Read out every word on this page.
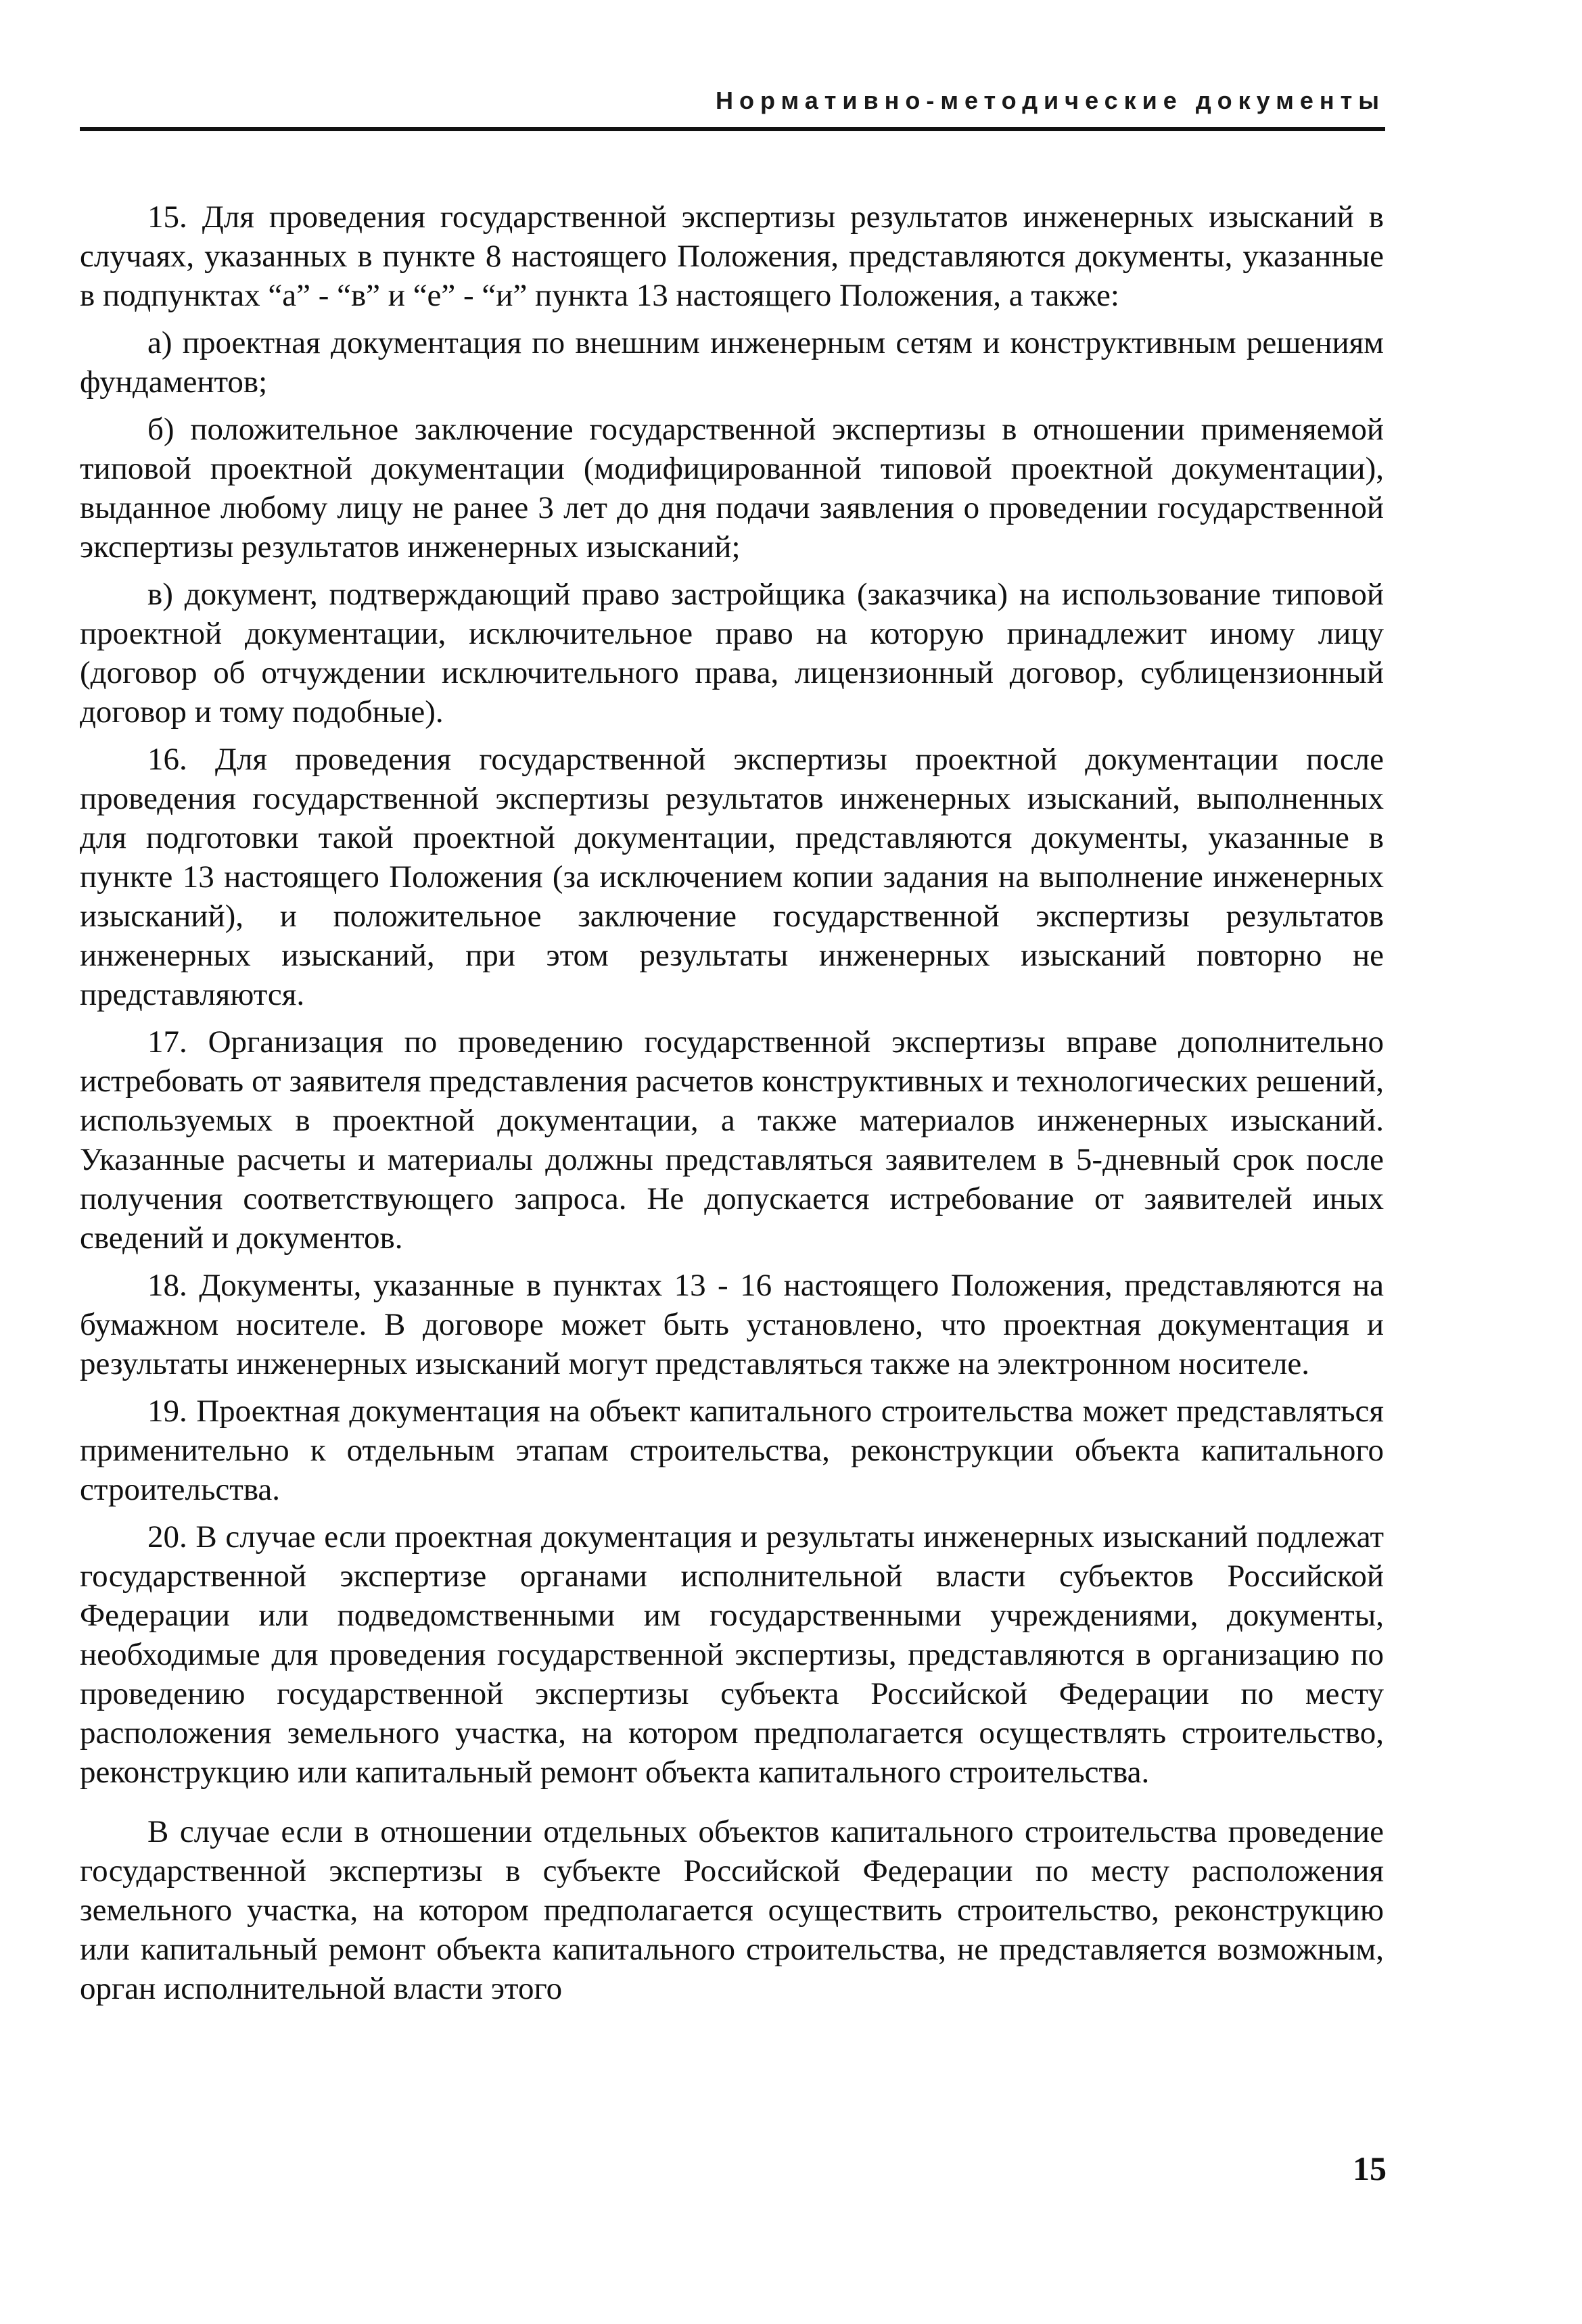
Нормативно-методические документы

15. Для проведения государственной экспертизы результатов инженерных изысканий в случаях, указанных в пункте 8 настоящего Положения, представляются документы, указанные в подпунктах “а” - “в” и “е” - “и” пункта 13 настоящего Положения, а также:

а) проектная документация по внешним инженерным сетям и конструктивным решениям фундаментов;

б) положительное заключение государственной экспертизы в отношении применяемой типовой проектной документации (модифицированной типовой проектной документации), выданное любому лицу не ранее 3 лет до дня подачи заявления о проведении государственной экспертизы результатов инженерных изысканий;

в) документ, подтверждающий право застройщика (заказчика) на использование типовой проектной документации, исключительное право на которую принадлежит иному лицу (договор об отчуждении исключительного права, лицензионный договор, сублицензионный договор и тому подобные).

16. Для проведения государственной экспертизы проектной документации после проведения государственной экспертизы результатов инженерных изысканий, выполненных для подготовки такой проектной документации, представляются документы, указанные в пункте 13 настоящего Положения (за исключением копии задания на выполнение инженерных изысканий), и положительное заключение государственной экспертизы результатов инженерных изысканий, при этом результаты инженерных изысканий повторно не представляются.

17. Организация по проведению государственной экспертизы вправе дополнительно истребовать от заявителя представления расчетов конструктивных и технологических решений, используемых в проектной документации, а также материалов инженерных изысканий. Указанные расчеты и материалы должны представляться заявителем в 5-дневный срок после получения соответствующего запроса. Не допускается истребование от заявителей иных сведений и документов.

18. Документы, указанные в пунктах 13 - 16 настоящего Положения, представляются на бумажном носителе. В договоре может быть установлено, что проектная документация и результаты инженерных изысканий могут представляться также на электронном носителе.

19. Проектная документация на объект капитального строительства может представляться применительно к отдельным этапам строительства, реконструкции объекта капитального строительства.

20. В случае если проектная документация и результаты инженерных изысканий подлежат государственной экспертизе органами исполнительной власти субъектов Российской Федерации или подведомственными им государственными учреждениями, документы, необходимые для проведения государственной экспертизы, представляются в организацию по проведению государственной экспертизы субъекта Российской Федерации по месту расположения земельного участка, на котором предполагается осуществлять строительство, реконструкцию или капитальный ремонт объекта капитального строительства.

В случае если в отношении отдельных объектов капитального строительства проведение государственной экспертизы в субъекте Российской Федерации по месту расположения земельного участка, на котором предполагается осуществить строительство, реконструкцию или капитальный ремонт объекта капитального строительства, не представляется возможным, орган исполнительной власти этого

15
